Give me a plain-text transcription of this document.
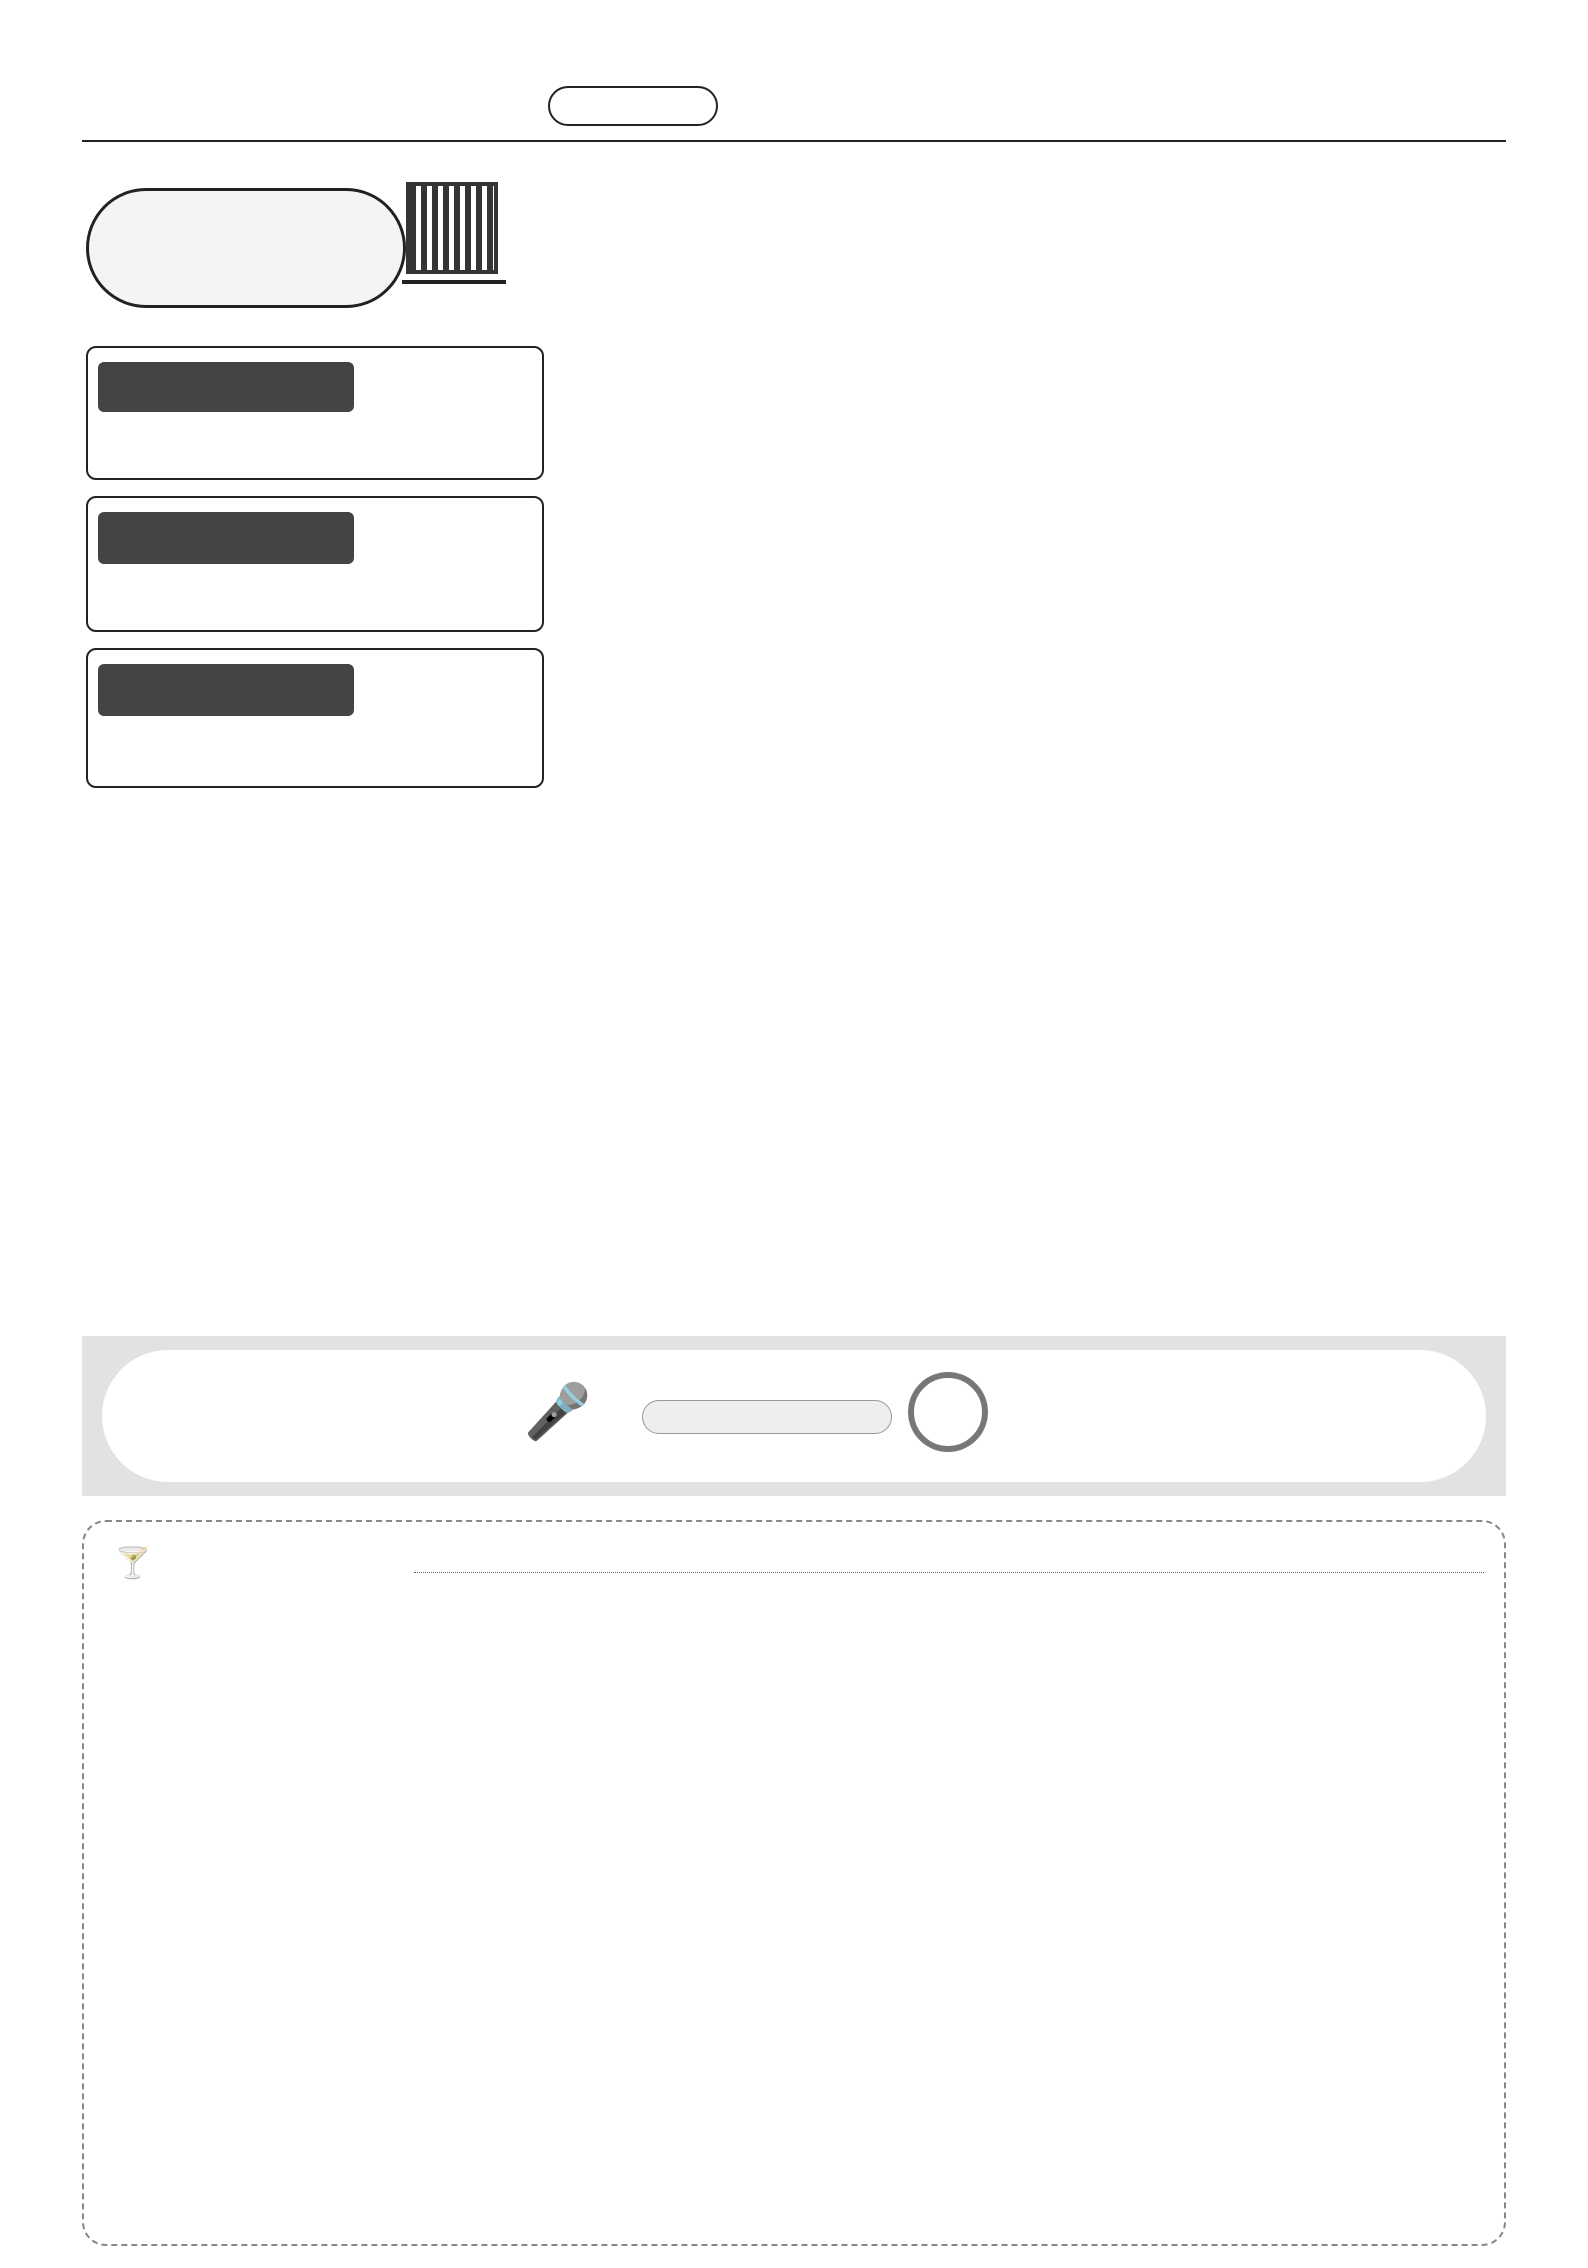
🎤
🍸
